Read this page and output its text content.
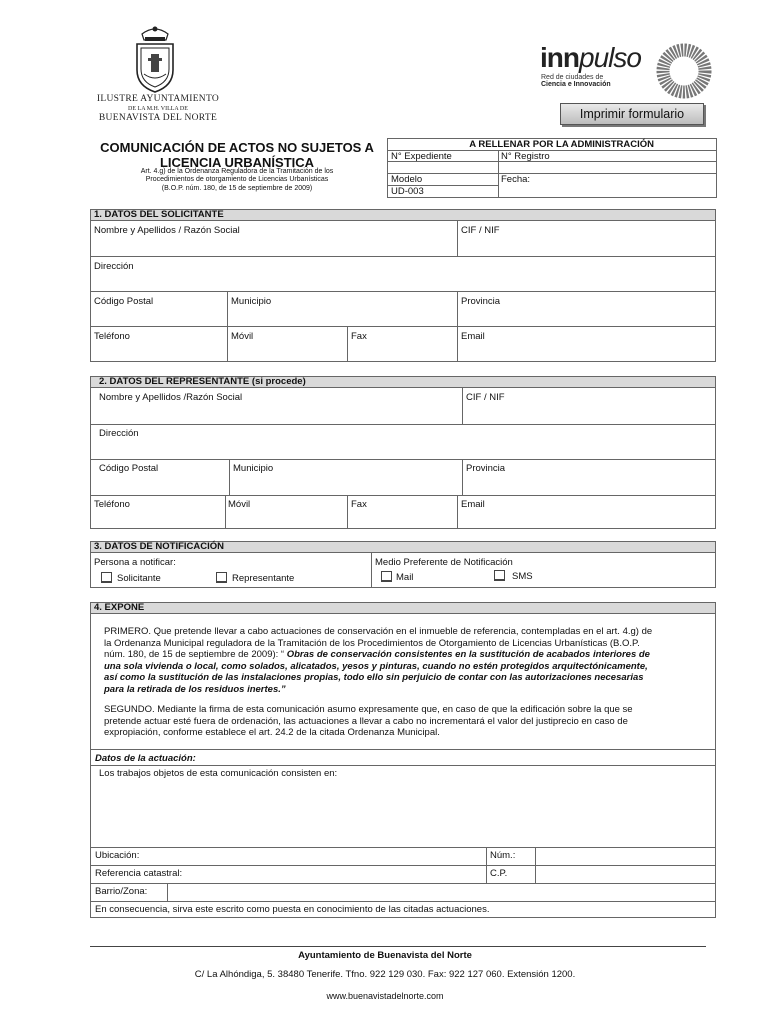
ILUSTRE AYUNTAMIENTO
DE LA M.H. VILLA DE
BUENAVISTA DEL NORTE
innpulso
Red de ciudades de
Ciencia e Innovación
Imprimir formulario
COMUNICACIÓN DE ACTOS NO SUJETOS A LICENCIA URBANÍSTICA
Art. 4.g) de la Ordenanza Reguladora de la Tramitación de los
Procedimientos de otorgamiento de Licencias Urbanísticas
(B.O.P. núm. 180, de 15 de septiembre de 2009)
A RELLENAR POR LA ADMINISTRACIÓN
N° Expediente	N° Registro
Modelo	Fecha:
UD-003
1. DATOS DEL SOLICITANTE
Nombre y Apellidos / Razón Social	CIF / NIF
Dirección
Código Postal	Municipio	Provincia
Teléfono	Móvil	Fax	Email
2. DATOS DEL REPRESENTANTE (si procede)
Nombre y Apellidos /Razón Social	CIF / NIF
Dirección
Código Postal	Municipio	Provincia
Teléfono	Móvil	Fax	Email
3. DATOS DE NOTIFICACIÓN
Persona a notificar:
Solicitante	Representante
Medio Preferente de Notificación
Mail	SMS
4. EXPONE
PRIMERO. Que pretende llevar a cabo actuaciones de conservación en el inmueble de referencia, contempladas en el art. 4.g) de
la Ordenanza Municipal reguladora de la Tramitación de los Procedimientos de Otorgamiento de Licencias Urbanísticas (B.O.P.
núm. 180, de 15 de septiembre de 2009): “ Obras de conservación consistentes en la sustitución de acabados interiores de
una sola vivienda o local, como solados, alicatados, yesos y pinturas, cuando no estén protegidos arquitectónicamente,
así como la sustitución de las instalaciones propias, todo ello sin perjuicio de contar con las autorizaciones necesarias
para la retirada de los residuos inertes.”
SEGUNDO. Mediante la firma de esta comunicación asumo expresamente que, en caso de que la edificación sobre la que se
pretende actuar esté fuera de ordenación, las actuaciones a llevar a cabo no incrementará el valor del justiprecio en caso de
expropiación, conforme establece el art. 24.2 de la citada Ordenanza Municipal.
Datos de la actuación:
Los trabajos objetos de esta comunicación consisten en:
Ubicación:	Núm.:
Referencia catastral:	C.P.
Barrio/Zona:
En consecuencia, sirva este escrito como puesta en conocimiento de las citadas actuaciones.
Ayuntamiento de Buenavista del Norte
C/ La Alhóndiga, 5. 38480 Tenerife. Tfno. 922 129 030. Fax: 922 127 060. Extensión 1200.
www.buenavistadelnorte.com
